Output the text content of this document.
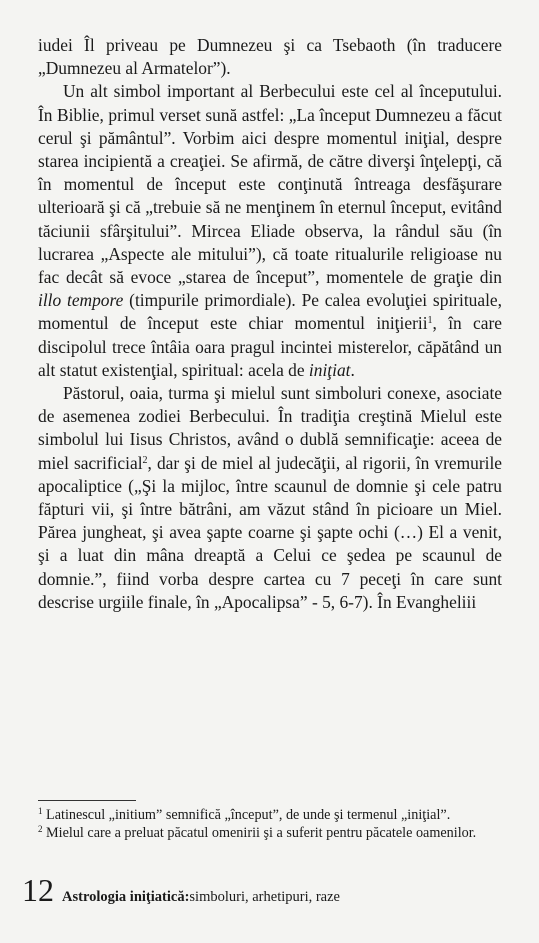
iudei Îl priveau pe Dumnezeu şi ca Tsebaoth (în traducere „Dumnezeu al Armatelor”).

Un alt simbol important al Berbecului este cel al începutului. În Biblie, primul verset sună astfel: „La început Dumnezeu a făcut cerul şi pământul”. Vorbim aici despre momentul iniţial, despre starea incipientă a creaţiei. Se afirmă, de către diverşi înţelepţi, că în momentul de început este conţinută întreaga desfăşurare ulterioară şi că „trebuie să ne menţinem în eternul început, evitând tăciunii sfârşitului”. Mircea Eliade observa, la rândul său (în lucrarea „Aspecte ale mitului”), că toate ritualurile religioase nu fac decât să evoce „starea de început”, momentele de graţie din illo tempore (timpurile primordiale). Pe calea evoluţiei spirituale, momentul de început este chiar momentul iniţierii$^1$, în care discipolul trece întâia oara pragul incintei misterelor, căpătând un alt statut existenţial, spiritual: acela de iniţiat.

Păstorul, oaia, turma şi mielul sunt simboluri conexe, asociate de asemenea zodiei Berbecului. În tradiţia creştină Mielul este simbolul lui Iisus Christos, având o dublă semnificaţie: aceea de miel sacrificial$^2$, dar şi de miel al judecăţii, al rigorii, în vremurile apocaliptice („Şi la mijloc, între scaunul de domnie şi cele patru făpturi vii, şi între bătrâni, am văzut stând în picioare un Miel. Părea jungheat, şi avea şapte coarne şi şapte ochi (…) El a venit, şi a luat din mâna dreaptă a Celui ce şedea pe scaunul de domnie.”, fiind vorba despre cartea cu 7 peceţi în care sunt descrise urgiile finale, în „Apocalipsa” - 5, 6-7). În Evangheliii

$^1$ Latinescul „initium” semnifică „început”, de unde şi termenul „iniţial”.

$^2$ Mielul care a preluat păcatul omenirii şi a suferit pentru păcatele oamenilor.

12 Astrologia iniţiatică: simboluri, arhetipuri, raze
